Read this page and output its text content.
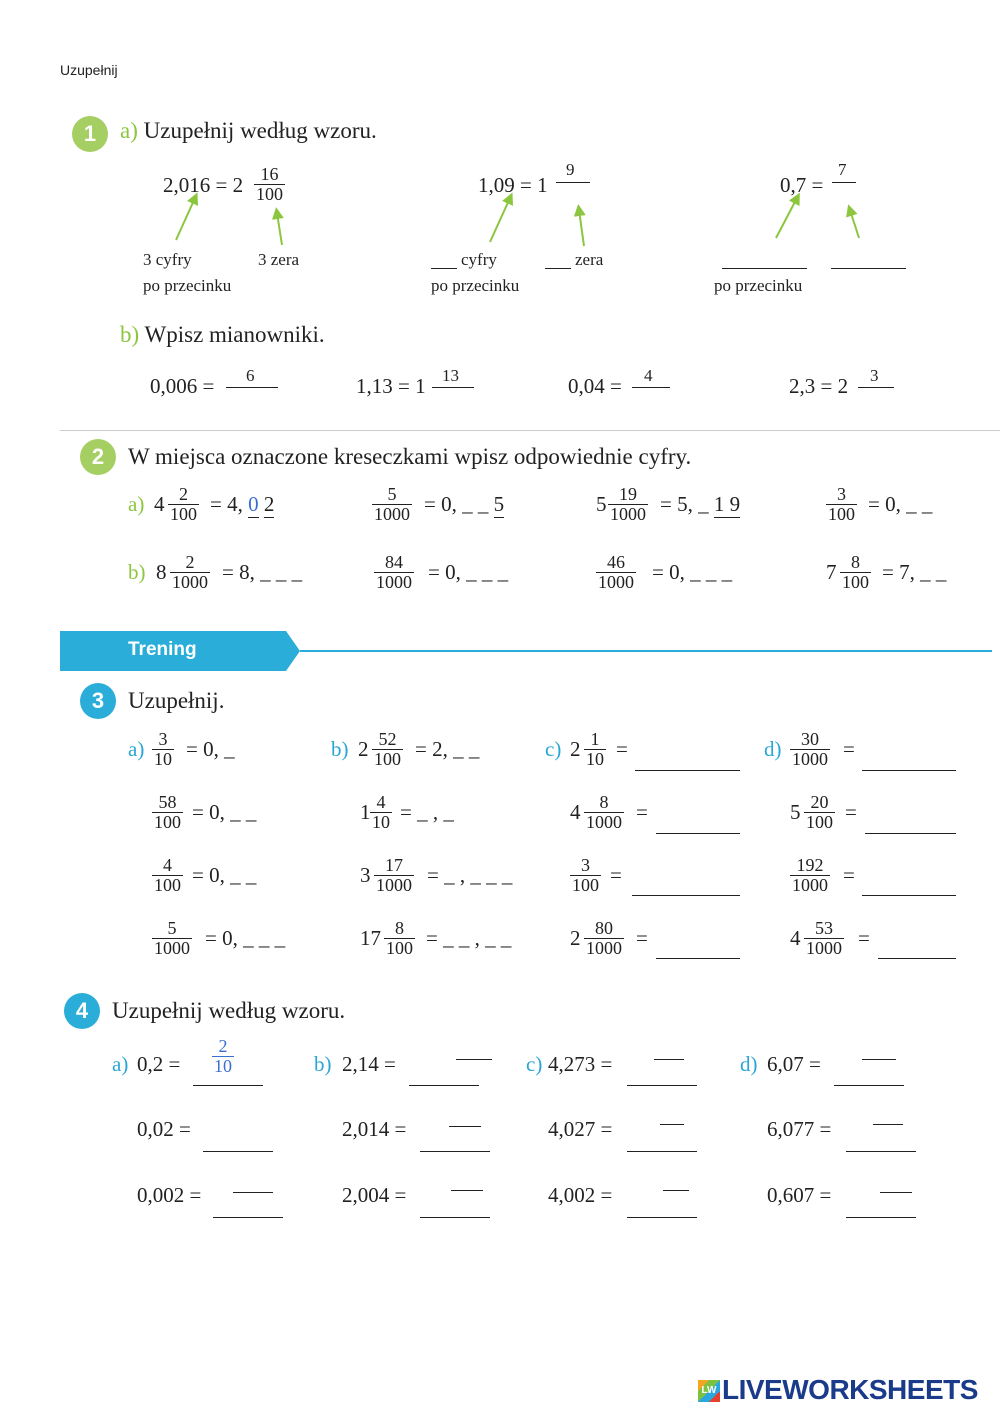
Uzupełnij
1	a) Uzupełnij według wzoru.
$2,016 = 2 \frac{16}{100}$	1,09 = 1
9
0,7 =
7
3 cyfry	3 zera
po przecinku
cyfry	zera
po przecinku	po przecinku
b) Wpisz mianowniki.
0,006 = 6	1,13 = 1 13	0,04 = 4	2,3 = 2 3
2	W miejsca oznaczone kreseczkami wpisz odpowiednie cyfry.
a) $4 \frac{2}{100} = 4$, 0 2	$\frac{5}{1000} = 0$, _ _ 5	$5 \frac{19}{1000} = 5$, _ 1 9	$\frac{3}{100} = 0$, _ _
b) $8 \frac{2}{1000} = 8$, _ _ _	$\frac{84}{1000} = 0$, _ _ _	$\frac{46}{1000} = 0$, _ _ _	$7 \frac{8}{100} = 7$, _ _
Trening
3	Uzupełnij.
a)	b)	c)	d)
$\frac{3}{10} = 0$, _	$2 \frac{52}{100} = 2$, _ _	$2 \frac{1}{10}$ =	$\frac{30}{1000}$ =
$\frac{58}{100} = 0$, _ _	$1 \frac{4}{10}$ = _ , _	$4 \frac{8}{1000}$ =	$5 \frac{20}{100}$ =
$\frac{4}{100} = 0$, _ _	$3 \frac{17}{1000}$ = _ , _ _ _	$\frac{3}{100}$ =	$\frac{192}{1000}$ =
$\frac{5}{1000} = 0$, _ _ _	$17 \frac{8}{100}$ = _ _ , _ _	$2 \frac{80}{1000}$ =	$4 \frac{53}{1000}$ =
4	Uzupełnij według wzoru.
a)	b)	c)	d)
$0,2 = \frac{2}{10}$	2,14 =	4,273 =	6,07 =
0,02 =	2,014 =	4,027 =	6,077 =
0,002 =	2,004 =	4,002 =	0,607 =
LW LIVEWORKSHEETS
